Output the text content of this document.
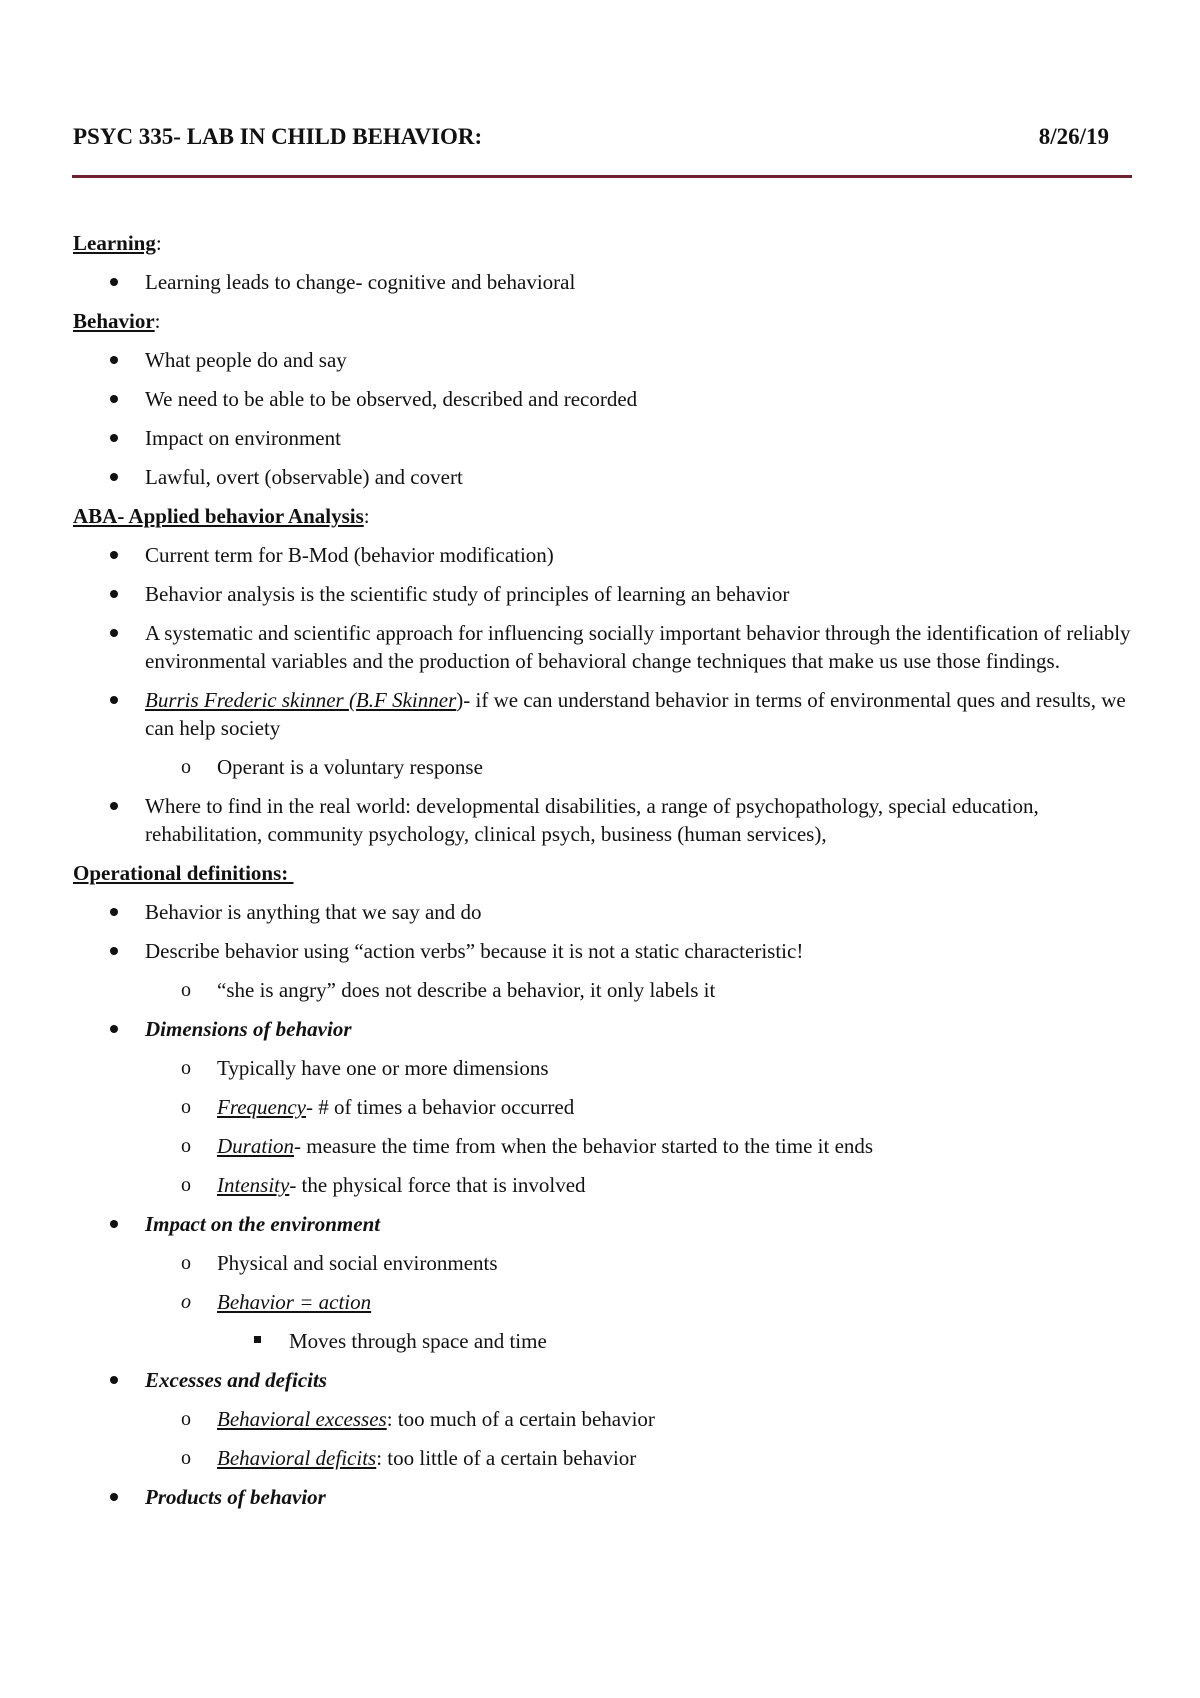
PSYC 335- LAB IN CHILD BEHAVIOR:	8/26/19
Learning:
Learning leads to change- cognitive and behavioral
Behavior:
What people do and say
We need to be able to be observed, described and recorded
Impact on environment
Lawful, overt (observable) and covert
ABA- Applied behavior Analysis:
Current term for B-Mod (behavior modification)
Behavior analysis is the scientific study of principles of learning an behavior
A systematic and scientific approach for influencing socially important behavior through the identification of reliably environmental variables and the production of behavioral change techniques that make us use those findings.
Burris Frederic skinner (B.F Skinner)- if we can understand behavior in terms of environmental ques and results, we can help society
o Operant is a voluntary response
Where to find in the real world: developmental disabilities, a range of psychopathology, special education, rehabilitation, community psychology, clinical psych, business (human services),
Operational definitions:
Behavior is anything that we say and do
Describe behavior using “action verbs” because it is not a static characteristic!
o “she is angry” does not describe a behavior, it only labels it
Dimensions of behavior
o Typically have one or more dimensions
o Frequency- # of times a behavior occurred
o Duration- measure the time from when the behavior started to the time it ends
o Intensity- the physical force that is involved
Impact on the environment
o Physical and social environments
o Behavior = action
Moves through space and time
Excesses and deficits
o Behavioral excesses: too much of a certain behavior
o Behavioral deficits: too little of a certain behavior
Products of behavior
